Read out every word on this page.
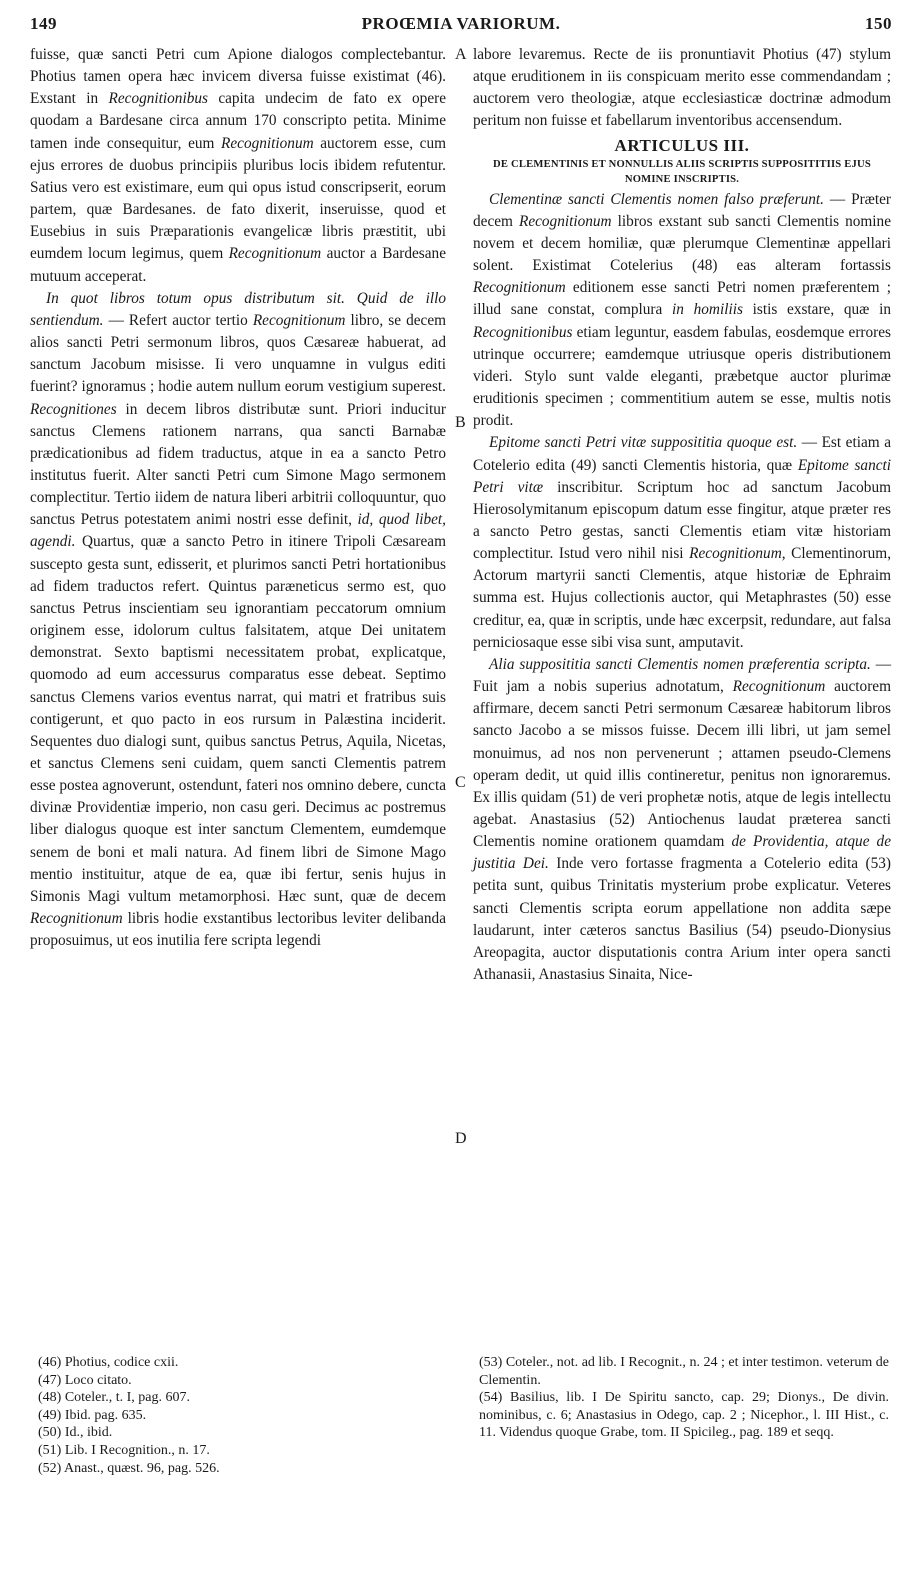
149	PROŒMIA VARIORUM.	150
A
B
C
D

fuisse, quæ sancti Petri cum Apione dialogos complectebantur. Photius tamen opera hæc invicem diversa fuisse existimat (46). Exstant in Recognitionibus capita undecim de fato ex opere quodam a Bardesane circa annum 170 conscripto petita. Minime tamen inde consequitur, eum Recognitionum auctorem esse, cum ejus errores de duobus principiis pluribus locis ibidem refutentur. Satius vero est existimare, eum qui opus istud conscripserit, eorum partem, quæ Bardesanes. de fato dixerit, inseruisse, quod et Eusebius in suis Præparationis evangelicæ libris præstitit, ubi eumdem locum legimus, quem Recognitionum auctor a Bardesane mutuum acceperat.

In quot libros totum opus distributum sit. Quid de illo sentiendum. — Refert auctor tertio Recognitionum libro, se decem alios sancti Petri sermonum libros, quos Cæsareæ habuerat, ad sanctum Jacobum misisse. Ii vero unquamne in vulgus editi fuerint? ignoramus ; hodie autem nullum eorum vestigium superest. Recognitiones in decem libros distributæ sunt. Priori inducitur sanctus Clemens rationem narrans, qua sancti Barnabæ prædicationibus ad fidem traductus, atque in ea a sancto Petro institutus fuerit. Alter sancti Petri cum Simone Mago sermonem complectitur. Tertio iidem de natura liberi arbitrii colloquuntur, quo sanctus Petrus potestatem animi nostri esse definit, id, quod libet, agendi. Quartus, quæ a sancto Petro in itinere Tripoli Cæsaream suscepto gesta sunt, edisserit, et plurimos sancti Petri hortationibus ad fidem traductos refert. Quintus paræneticus sermo est, quo sanctus Petrus inscientiam seu ignorantiam peccatorum omnium originem esse, idolorum cultus falsitatem, atque Dei unitatem demonstrat. Sexto baptismi necessitatem probat, explicatque, quomodo ad eum accessurus comparatus esse debeat. Septimo sanctus Clemens varios eventus narrat, qui matri et fratribus suis contigerunt, et quo pacto in eos rursum in Palæstina inciderit. Sequentes duo dialogi sunt, quibus sanctus Petrus, Aquila, Nicetas, et sanctus Clemens seni cuidam, quem sancti Clementis patrem esse postea agnoverunt, ostendunt, fateri nos omnino debere, cuncta divinæ Providentiæ imperio, non casu geri. Decimus ac postremus liber dialogus quoque est inter sanctum Clementem, eumdemque senem de boni et mali natura. Ad finem libri de Simone Mago mentio instituitur, atque de ea, quæ ibi fertur, senis hujus in Simonis Magi vultum metamorphosi. Hæc sunt, quæ de decem Recognitionum libris hodie exstantibus lectoribus leviter delibanda proposuimus, ut eos inutilia fere scripta legendi

labore levaremus. Recte de iis pronuntiavit Photius (47) stylum atque eruditionem in iis conspicuam merito esse commendandam ; auctorem vero theologiæ, atque ecclesiasticæ doctrinæ admodum peritum non fuisse et fabellarum inventoribus accensendum.

ARTICULUS III.
DE CLEMENTINIS ET NONNULLIS ALIIS SCRIPTIS SUPPOSITITIIS EJUS NOMINE INSCRIPTIS.

Clementinæ sancti Clementis nomen falso præferunt. — Præter decem Recognitionum libros exstant sub sancti Clementis nomine novem et decem homiliæ, quæ plerumque Clementinæ appellari solent. Existimat Cotelerius (48) eas alteram fortassis Recognitionum editionem esse sancti Petri nomen præferentem ; illud sane constat, complura in homiliis istis exstare, quæ in Recognitionibus etiam leguntur, easdem fabulas, eosdemque errores utrinque occurrere; eamdemque utriusque operis distributionem videri. Stylo sunt valde eleganti, præbetque auctor plurimæ eruditionis specimen ; commentitium autem se esse, multis notis prodit.

Epitome sancti Petri vitæ supposititia quoque est. — Est etiam a Cotelerio edita (49) sancti Clementis historia, quæ Epitome sancti Petri vitæ inscribitur. Scriptum hoc ad sanctum Jacobum Hierosolymitanum episcopum datum esse fingitur, atque præter res a sancto Petro gestas, sancti Clementis etiam vitæ historiam complectitur. Istud vero nihil nisi Recognitionum, Clementinorum, Actorum martyrii sancti Clementis, atque historiæ de Ephraim summa est. Hujus collectionis auctor, qui Metaphrastes (50) esse creditur, ea, quæ in scriptis, unde hæc excerpsit, redundare, aut falsa perniciosaque esse sibi visa sunt, amputavit.

Alia supposititia sancti Clementis nomen præferentia scripta. — Fuit jam a nobis superius adnotatum, Recognitionum auctorem affirmare, decem sancti Petri sermonum Cæsareæ habitorum libros sancto Jacobo a se missos fuisse. Decem illi libri, ut jam semel monuimus, ad nos non pervenerunt ; attamen pseudo-Clemens operam dedit, ut quid illis contineretur, penitus non ignoraremus. Ex illis quidam (51) de veri prophetæ notis, atque de legis intellectu agebat. Anastasius (52) Antiochenus laudat præterea sancti Clementis nomine orationem quamdam de Providentia, atque de justitia Dei. Inde vero fortasse fragmenta a Cotelerio edita (53) petita sunt, quibus Trinitatis mysterium probe explicatur. Veteres sancti Clementis scripta eorum appellatione non addita sæpe laudarunt, inter cæteros sanctus Basilius (54) pseudo-Dionysius Areopagita, auctor disputationis contra Arium inter opera sancti Athanasii, Anastasius Sinaita, Nice-

(46) Photius, codice cxii.
(47) Loco citato.
(48) Coteler., t. I, pag. 607.
(49) Ibid. pag. 635.
(50) Id., ibid.
(51) Lib. I Recognition., n. 17.
(52) Anast., quæst. 96, pag. 526.
(53) Coteler., not. ad lib. I Recognit., n. 24 ; et inter testimon. veterum de Clementin.
(54) Basilius, lib. I De Spiritu sancto, cap. 29; Dionys., De divin. nominibus, c. 6; Anastasius in Odego, cap. 2 ; Nicephor., l. III Hist., c. 11. Videndus quoque Grabe, tom. II Spicileg., pag. 189 et seqq.
